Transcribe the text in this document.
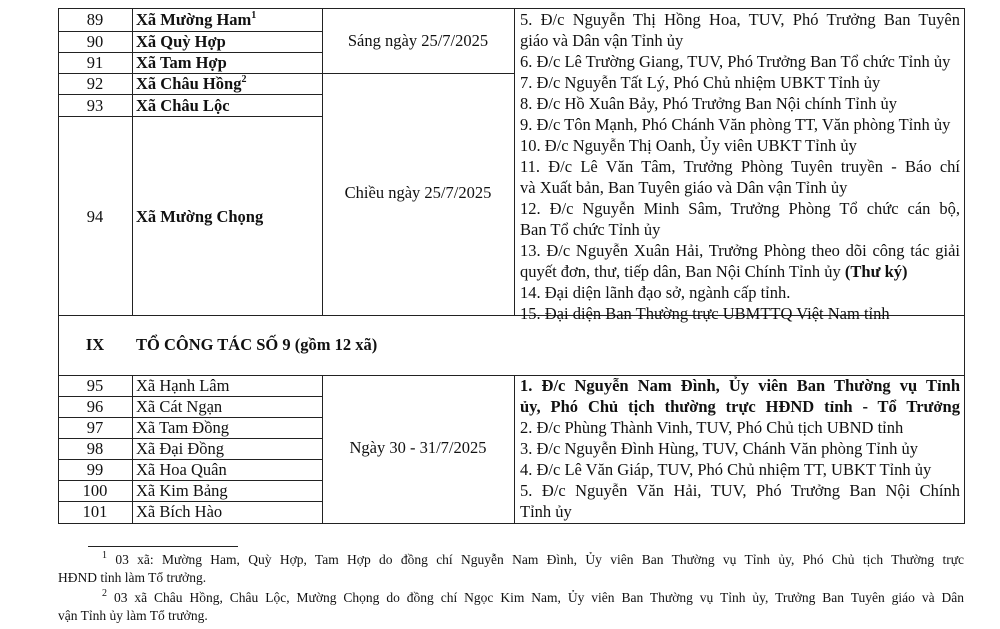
89
90
91
92
93
94
Xã Mường Ham$^1$
Xã Quỳ Hợp
Xã Tam Hợp
Xã Châu Hồng$^2$
Xã Châu Lộc
Xã Mường Chọng
Sáng ngày 25/7/2025
Chiều ngày 25/7/2025
5. Đ/c Nguyễn Thị Hồng Hoa, TUV, Phó Trưởng Ban Tuyên
giáo và Dân vận Tỉnh ủy
6. Đ/c Lê Trường Giang, TUV, Phó Trưởng Ban Tổ chức Tỉnh ủy
7. Đ/c Nguyễn Tất Lý, Phó Chủ nhiệm UBKT Tỉnh ủy
8. Đ/c Hồ Xuân Bảy, Phó Trưởng Ban Nội chính Tỉnh ủy
9. Đ/c Tôn Mạnh, Phó Chánh Văn phòng TT, Văn phòng Tỉnh ủy
10. Đ/c Nguyễn Thị Oanh, Ủy viên UBKT Tỉnh ủy
11. Đ/c Lê Văn Tâm, Trưởng Phòng Tuyên truyền - Báo chí
và Xuất bản, Ban Tuyên giáo và Dân vận Tỉnh ủy
12. Đ/c Nguyễn Minh Sâm, Trưởng Phòng Tổ chức cán bộ,
Ban Tổ chức Tỉnh ủy
13. Đ/c Nguyễn Xuân Hải, Trưởng Phòng theo dõi công tác giải
quyết đơn, thư, tiếp dân, Ban Nội Chính Tỉnh ủy (Thư ký)
14. Đại diện lãnh đạo sở, ngành cấp tỉnh.
15. Đại diện Ban Thường trực UBMTTQ Việt Nam tỉnh
IX	TỔ CÔNG TÁC SỐ 9 (gồm 12 xã)
95
96
97
98
99
100
101
Xã Hạnh Lâm
Xã Cát Ngạn
Xã Tam Đồng
Xã Đại Đồng
Xã Hoa Quân
Xã Kim Bảng
Xã Bích Hào
Ngày 30 - 31/7/2025
1. Đ/c Nguyễn Nam Đình, Ủy viên Ban Thường vụ Tỉnh
ủy, Phó Chủ tịch thường trực HĐND tỉnh - Tổ Trưởng
2. Đ/c Phùng Thành Vinh, TUV, Phó Chủ tịch UBND tỉnh
3. Đ/c Nguyễn Đình Hùng, TUV, Chánh Văn phòng Tỉnh ủy
4. Đ/c Lê Văn Giáp, TUV, Phó Chủ nhiệm TT, UBKT Tỉnh ủy
5. Đ/c Nguyễn Văn Hải, TUV, Phó Trưởng Ban Nội Chính
Tỉnh ủy
$^1$ 03 xã: Mường Ham, Quỳ Hợp, Tam Hợp do đồng chí Nguyễn Nam Đình, Ủy viên Ban Thường vụ Tỉnh ủy, Phó Chủ tịch Thường trực
HĐND tỉnh làm Tổ trưởng.
$^2$ 03 xã Châu Hồng, Châu Lộc, Mường Chọng do đồng chí Ngọc Kim Nam, Ủy viên Ban Thường vụ Tỉnh ủy, Trưởng Ban Tuyên giáo và Dân
vận Tỉnh ủy làm Tổ trưởng.
